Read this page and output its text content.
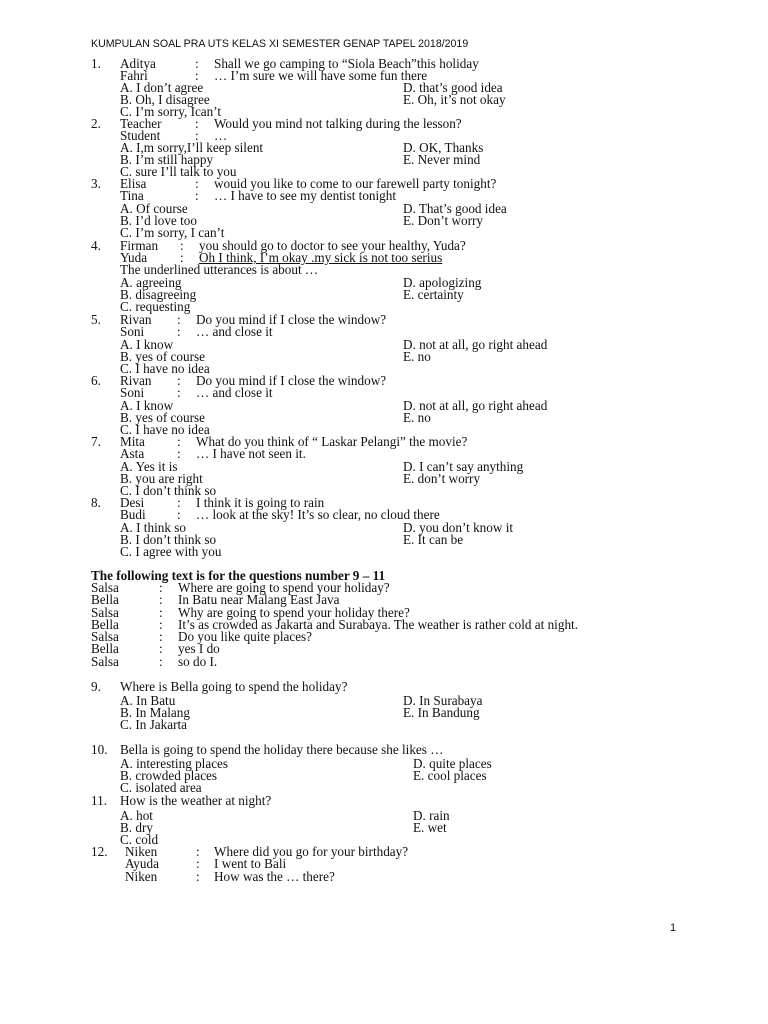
KUMPULAN SOAL PRA UTS KELAS XI SEMESTER GENAP TAPEL 2018/2019
1. Aditya	: Shall we go camping to “Siola Beach”this holiday
Fahri	: … I’m sure we will have some fun there
A. I don’t agree	D. that’s good idea
B. Oh, I disagree	E. Oh, it’s not okay
C. I’m sorry, Ican’t
2. Teacher	: Would you mind not talking during the lesson?
Student	: …
A. I,m sorry,I’ll keep silent	D. OK, Thanks
B. I’m still happy	E. Never mind
C. sure I’ll talk to you
3. Elisa	: wouid you like to come to our farewell party tonight?
Tina	: … I have to see my dentist tonight
A. Of course	D. That’s good idea
B. I’d love too	E. Don’t worry
C. I’m sorry, I can’t
4. Firman : you should go to doctor to see your healthy, Yuda?
Yuda : Oh I think, I’m okay .my sick is not too serius
The underlined utterances is about …
A. agreeing	D. apologizing
B. disagreeing	E. certainty
C. requesting
5. Rivan : Do you mind if I close the window?
Soni : … and close it
A. I know	D. not at all, go right ahead
B. yes of course	E. no
C. I have no idea
6. Rivan : Do you mind if I close the window?
Soni : … and close it
A. I know	D. not at all, go right ahead
B. yes of course	E. no
C. I have no idea
7. Mita : What do you think of “ Laskar Pelangi” the movie?
Asta : … I have not seen it.
A. Yes it is	D. I can’t say anything
B. you are right	E. don’t worry
C. I don’t think so
8. Desi : I think it is going to rain
Budi : … look at the sky! It’s so clear, no cloud there
A. I think so	D. you don’t know it
B. I don’t think so	E. It can be
C. I agree with you
The following text is for the questions number 9 – 11
Salsa	: Where are going to spend your holiday?
Bella	: In Batu near Malang East Java
Salsa	: Why are going to spend your holiday there?
Bella	: It’s as crowded as Jakarta and Surabaya. The weather is rather cold at night.
Salsa	: Do you like quite places?
Bella	: yes I do
Salsa	: so do I.
9. Where is Bella going to spend the holiday?
A. In Batu	D. In Surabaya
B. In Malang	E. In Bandung
C. In Jakarta
10. Bella is going to spend the holiday there because she likes …
A. interesting places	D. quite places
B. crowded places	E. cool places
C. isolated area
11. How is the weather at night?
A. hot	D. rain
B. dry	E. wet
C. cold
12. Niken	: Where did you go for your birthday?
Ayuda	: I went to Bali
Niken	: How was the … there?
1
